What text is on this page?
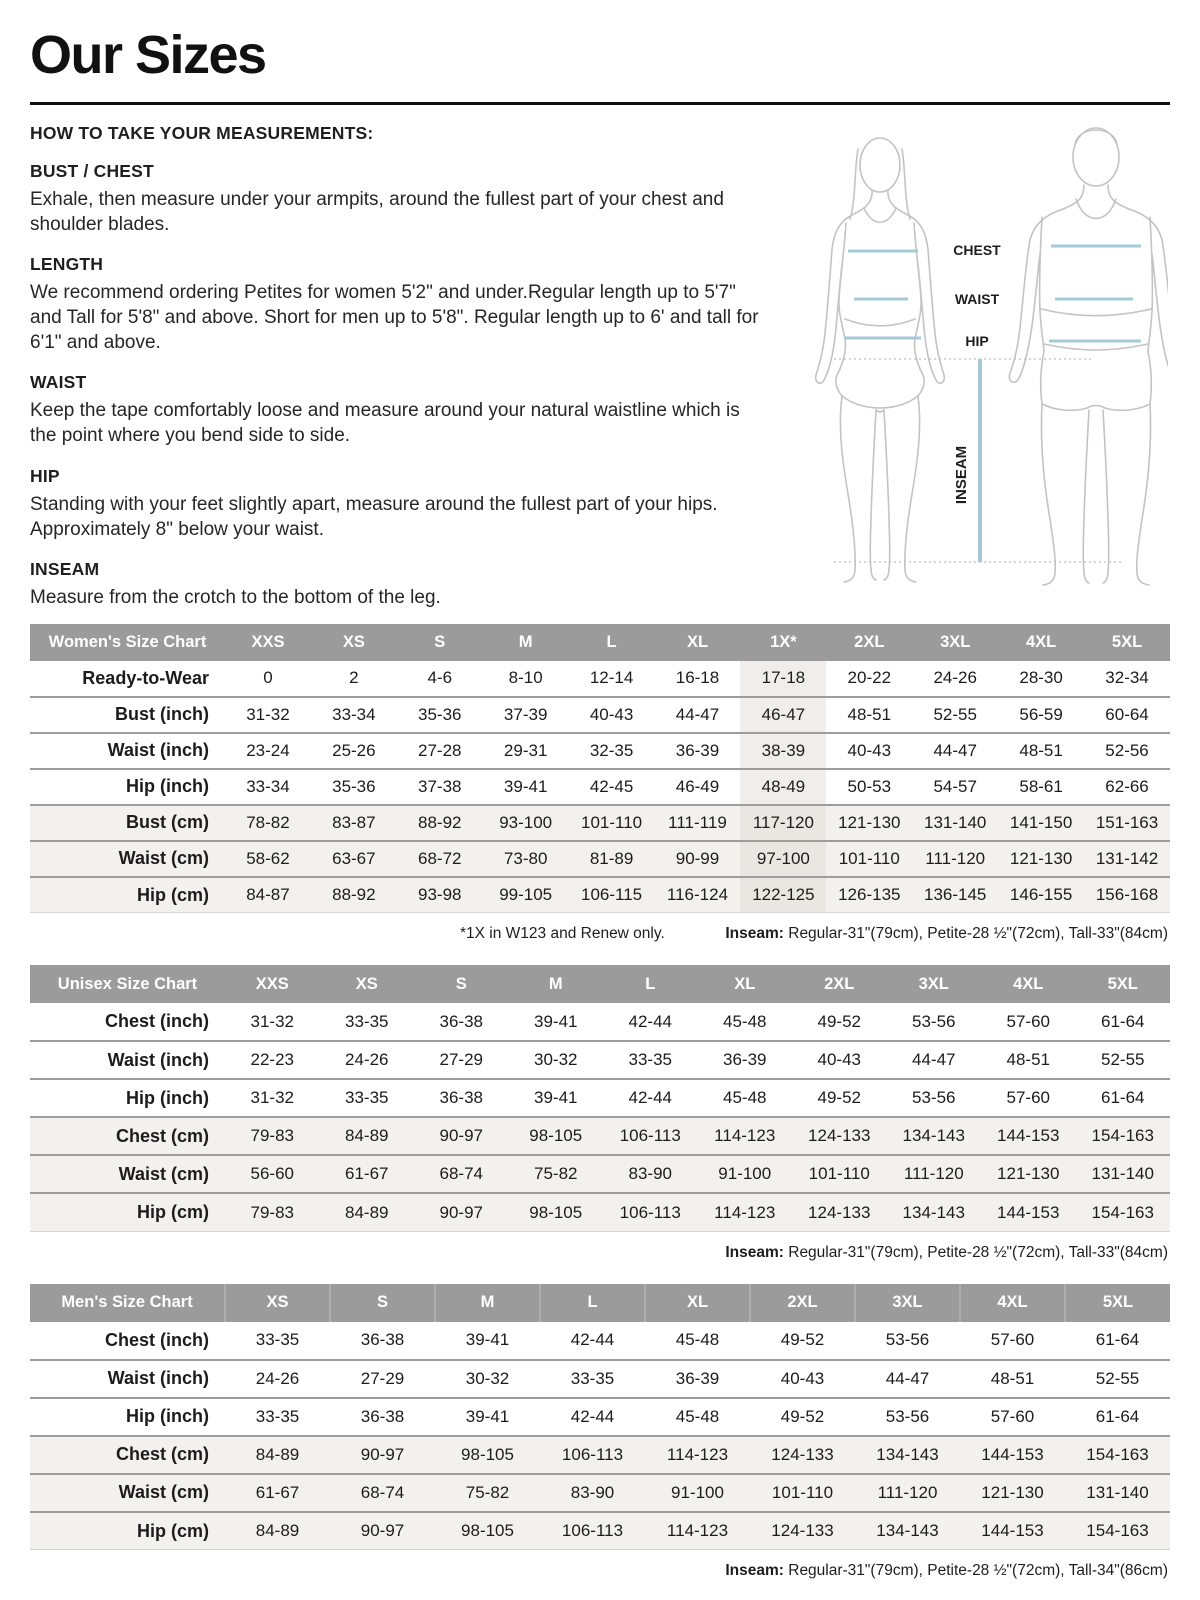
Our Sizes
HOW TO TAKE YOUR MEASUREMENTS:
BUST / CHEST

Exhale, then measure under your armpits, around the fullest part of your chest and shoulder blades.

LENGTH

We recommend ordering Petites for women 5'2" and under.Regular length up to 5'7" and Tall for 5'8" and above. Short for men up to 5'8". Regular length up to 6' and tall for 6'1" and above.

WAIST

Keep the tape comfortably loose and measure around your natural waistline which is the point where you bend side to side.

HIP

Standing with your feet slightly apart, measure around the fullest part of your hips. Approximately 8" below your waist.

INSEAM

Measure from the crotch to the bottom of the leg.

CHEST
WAIST
HIP
INSEAM
Women's Size Chart	XXS	XS	S	M	L	XL	1X*	2XL	3XL	4XL	5XL
Ready-to-Wear	0	2	4-6	8-10	12-14	16-18	17-18	20-22	24-26	28-30	32-34
Bust (inch)	31-32	33-34	35-36	37-39	40-43	44-47	46-47	48-51	52-55	56-59	60-64
Waist (inch)	23-24	25-26	27-28	29-31	32-35	36-39	38-39	40-43	44-47	48-51	52-56
Hip (inch)	33-34	35-36	37-38	39-41	42-45	46-49	48-49	50-53	54-57	58-61	62-66
Bust (cm)	78-82	83-87	88-92	93-100	101-110	111-119	117-120	121-130	131-140	141-150	151-163
Waist (cm)	58-62	63-67	68-72	73-80	81-89	90-99	97-100	101-110	111-120	121-130	131-142
Hip (cm)	84-87	88-92	93-98	99-105	106-115	116-124	122-125	126-135	136-145	146-155	156-168
*1X in W123 and Renew only.	Inseam: Regular-31"(79cm), Petite-28 ½"(72cm), Tall-33"(84cm)
Unisex Size Chart	XXS	XS	S	M	L	XL	2XL	3XL	4XL	5XL
Chest (inch)	31-32	33-35	36-38	39-41	42-44	45-48	49-52	53-56	57-60	61-64
Waist (inch)	22-23	24-26	27-29	30-32	33-35	36-39	40-43	44-47	48-51	52-55
Hip (inch)	31-32	33-35	36-38	39-41	42-44	45-48	49-52	53-56	57-60	61-64
Chest (cm)	79-83	84-89	90-97	98-105	106-113	114-123	124-133	134-143	144-153	154-163
Waist (cm)	56-60	61-67	68-74	75-82	83-90	91-100	101-110	111-120	121-130	131-140
Hip (cm)	79-83	84-89	90-97	98-105	106-113	114-123	124-133	134-143	144-153	154-163
Inseam: Regular-31"(79cm), Petite-28 ½"(72cm), Tall-33"(84cm)
Men's Size Chart	XS	S	M	L	XL	2XL	3XL	4XL	5XL
Chest (inch)	33-35	36-38	39-41	42-44	45-48	49-52	53-56	57-60	61-64
Waist (inch)	24-26	27-29	30-32	33-35	36-39	40-43	44-47	48-51	52-55
Hip (inch)	33-35	36-38	39-41	42-44	45-48	49-52	53-56	57-60	61-64
Chest (cm)	84-89	90-97	98-105	106-113	114-123	124-133	134-143	144-153	154-163
Waist (cm)	61-67	68-74	75-82	83-90	91-100	101-110	111-120	121-130	131-140
Hip (cm)	84-89	90-97	98-105	106-113	114-123	124-133	134-143	144-153	154-163
Inseam: Regular-31"(79cm), Petite-28 ½"(72cm), Tall-34"(86cm)
